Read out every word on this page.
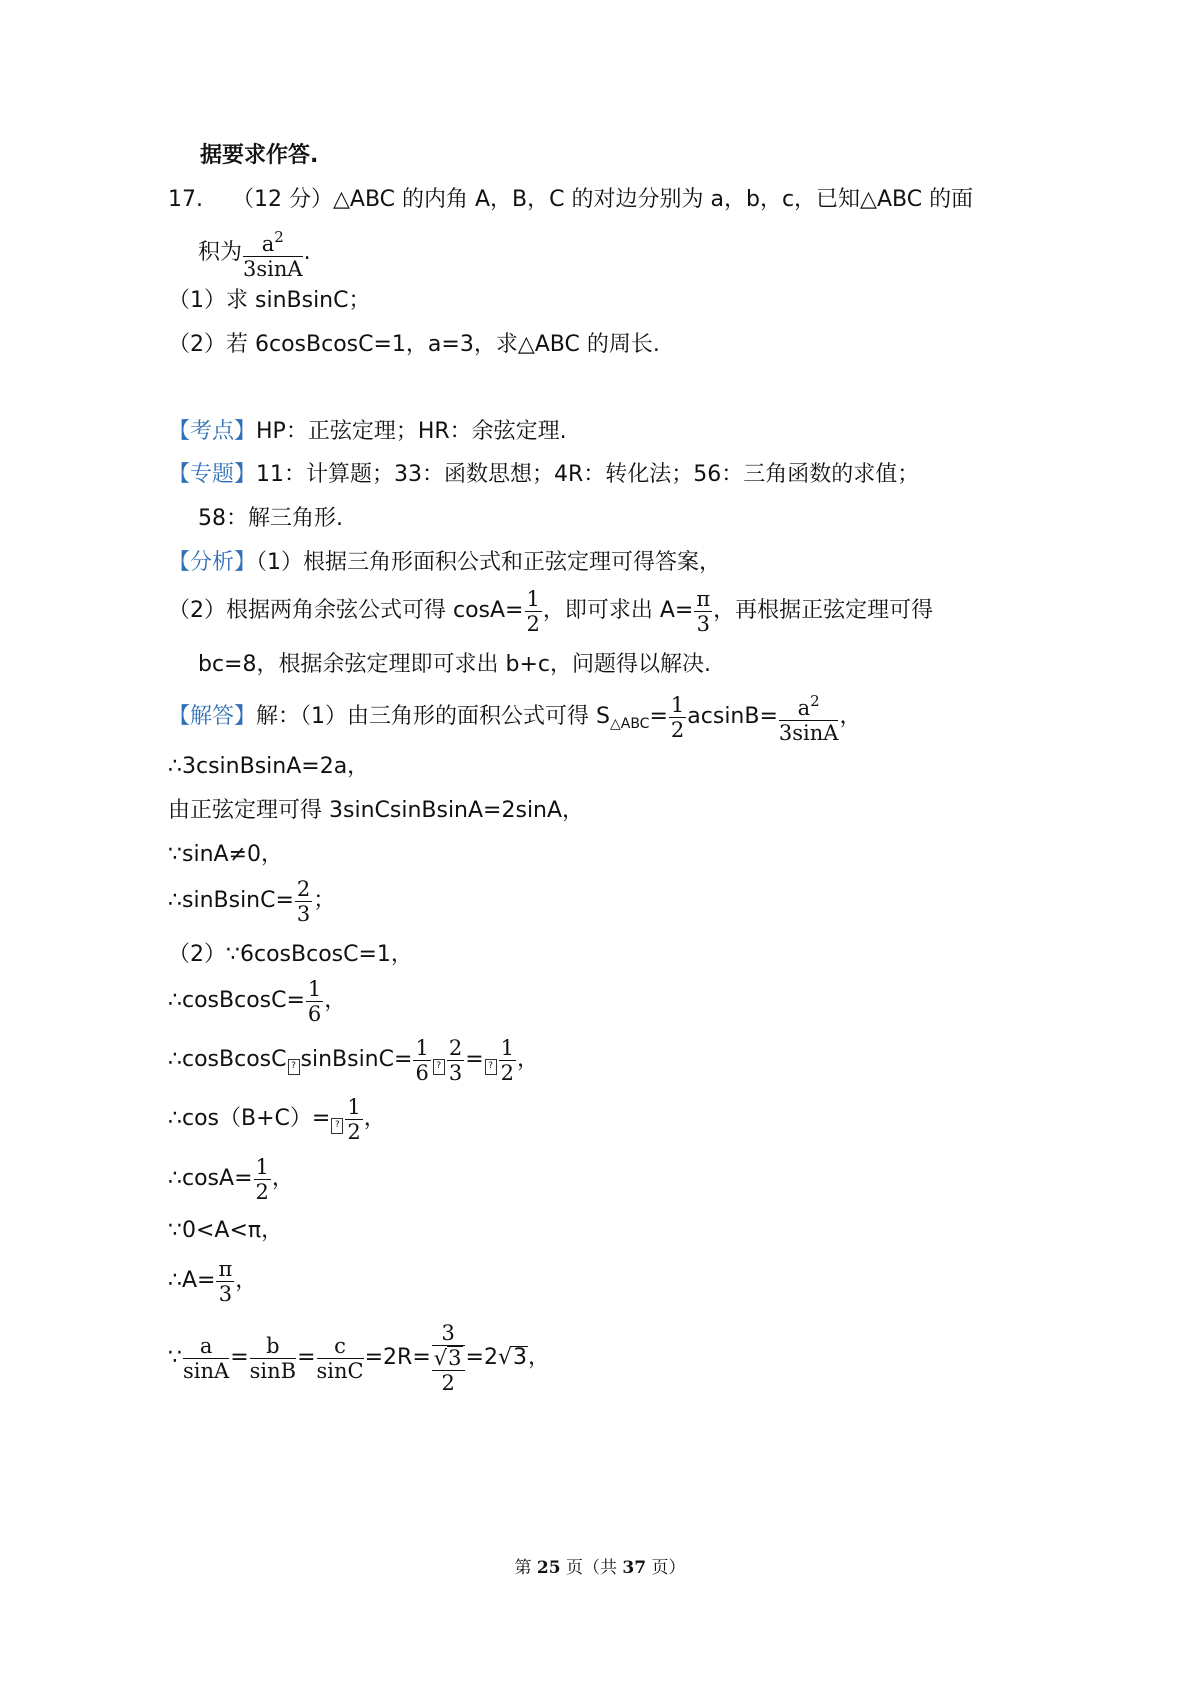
据要求作答.
17. （12 分）△ABC 的内角 A，B，C 的对边分别为 a，b，c，已知△ABC 的面
积为 $\frac{a^2}{3\sin A}$ .
（1）求 sinBsinC；
（2）若 6cosBcosC=1，a=3，求△ABC 的周长.
【考点】HP：正弦定理；HR：余弦定理.
【专题】11：计算题；33：函数思想；4R：转化法；56：三角函数的求值；
58：解三角形.
【分析】（1）根据三角形面积公式和正弦定理可得答案，
（2）根据两角余弦公式可得 $\cos A= \frac{1}{2}$ ，即可求出 $A= \frac{\pi}{3}$ ，再根据正弦定理可得
bc=8，根据余弦定理即可求出 b+c，问题得以解决.
【解答】解：（1）由三角形的面积公式可得 $S_{\triangle ABC}= \frac{1}{2} acsinB= \frac{a^2}{3\sin A}$ ，
∴3csinBsinA=2a，
由正弦定理可得 3sinCsinBsinA=2sinA，
∵sinA≠0，
∴sinBsinC= $\frac{2}{3}$ ；
（2）∵6cosBcosC=1，
∴cosBcosC= $\frac{1}{6}$ ，
∴cosBcosC ? sinBsinC= $\frac{1}{6}$ ? $\frac{2}{3}$ = ? $\frac{1}{2}$ ，
∴cos（B+C）= ? $\frac{1}{2}$ ，
∴cosA= $\frac{1}{2}$ ，
∵0<A<π，
∴A= $\frac{\pi}{3}$ ，
∵ $\frac{a}{\sin A} = \frac{b}{\sin B} = \frac{c}{\sin C} =2R= \frac{3}{\frac{√3}{2}} =2√3$，
第 25 页（共 37 页）
